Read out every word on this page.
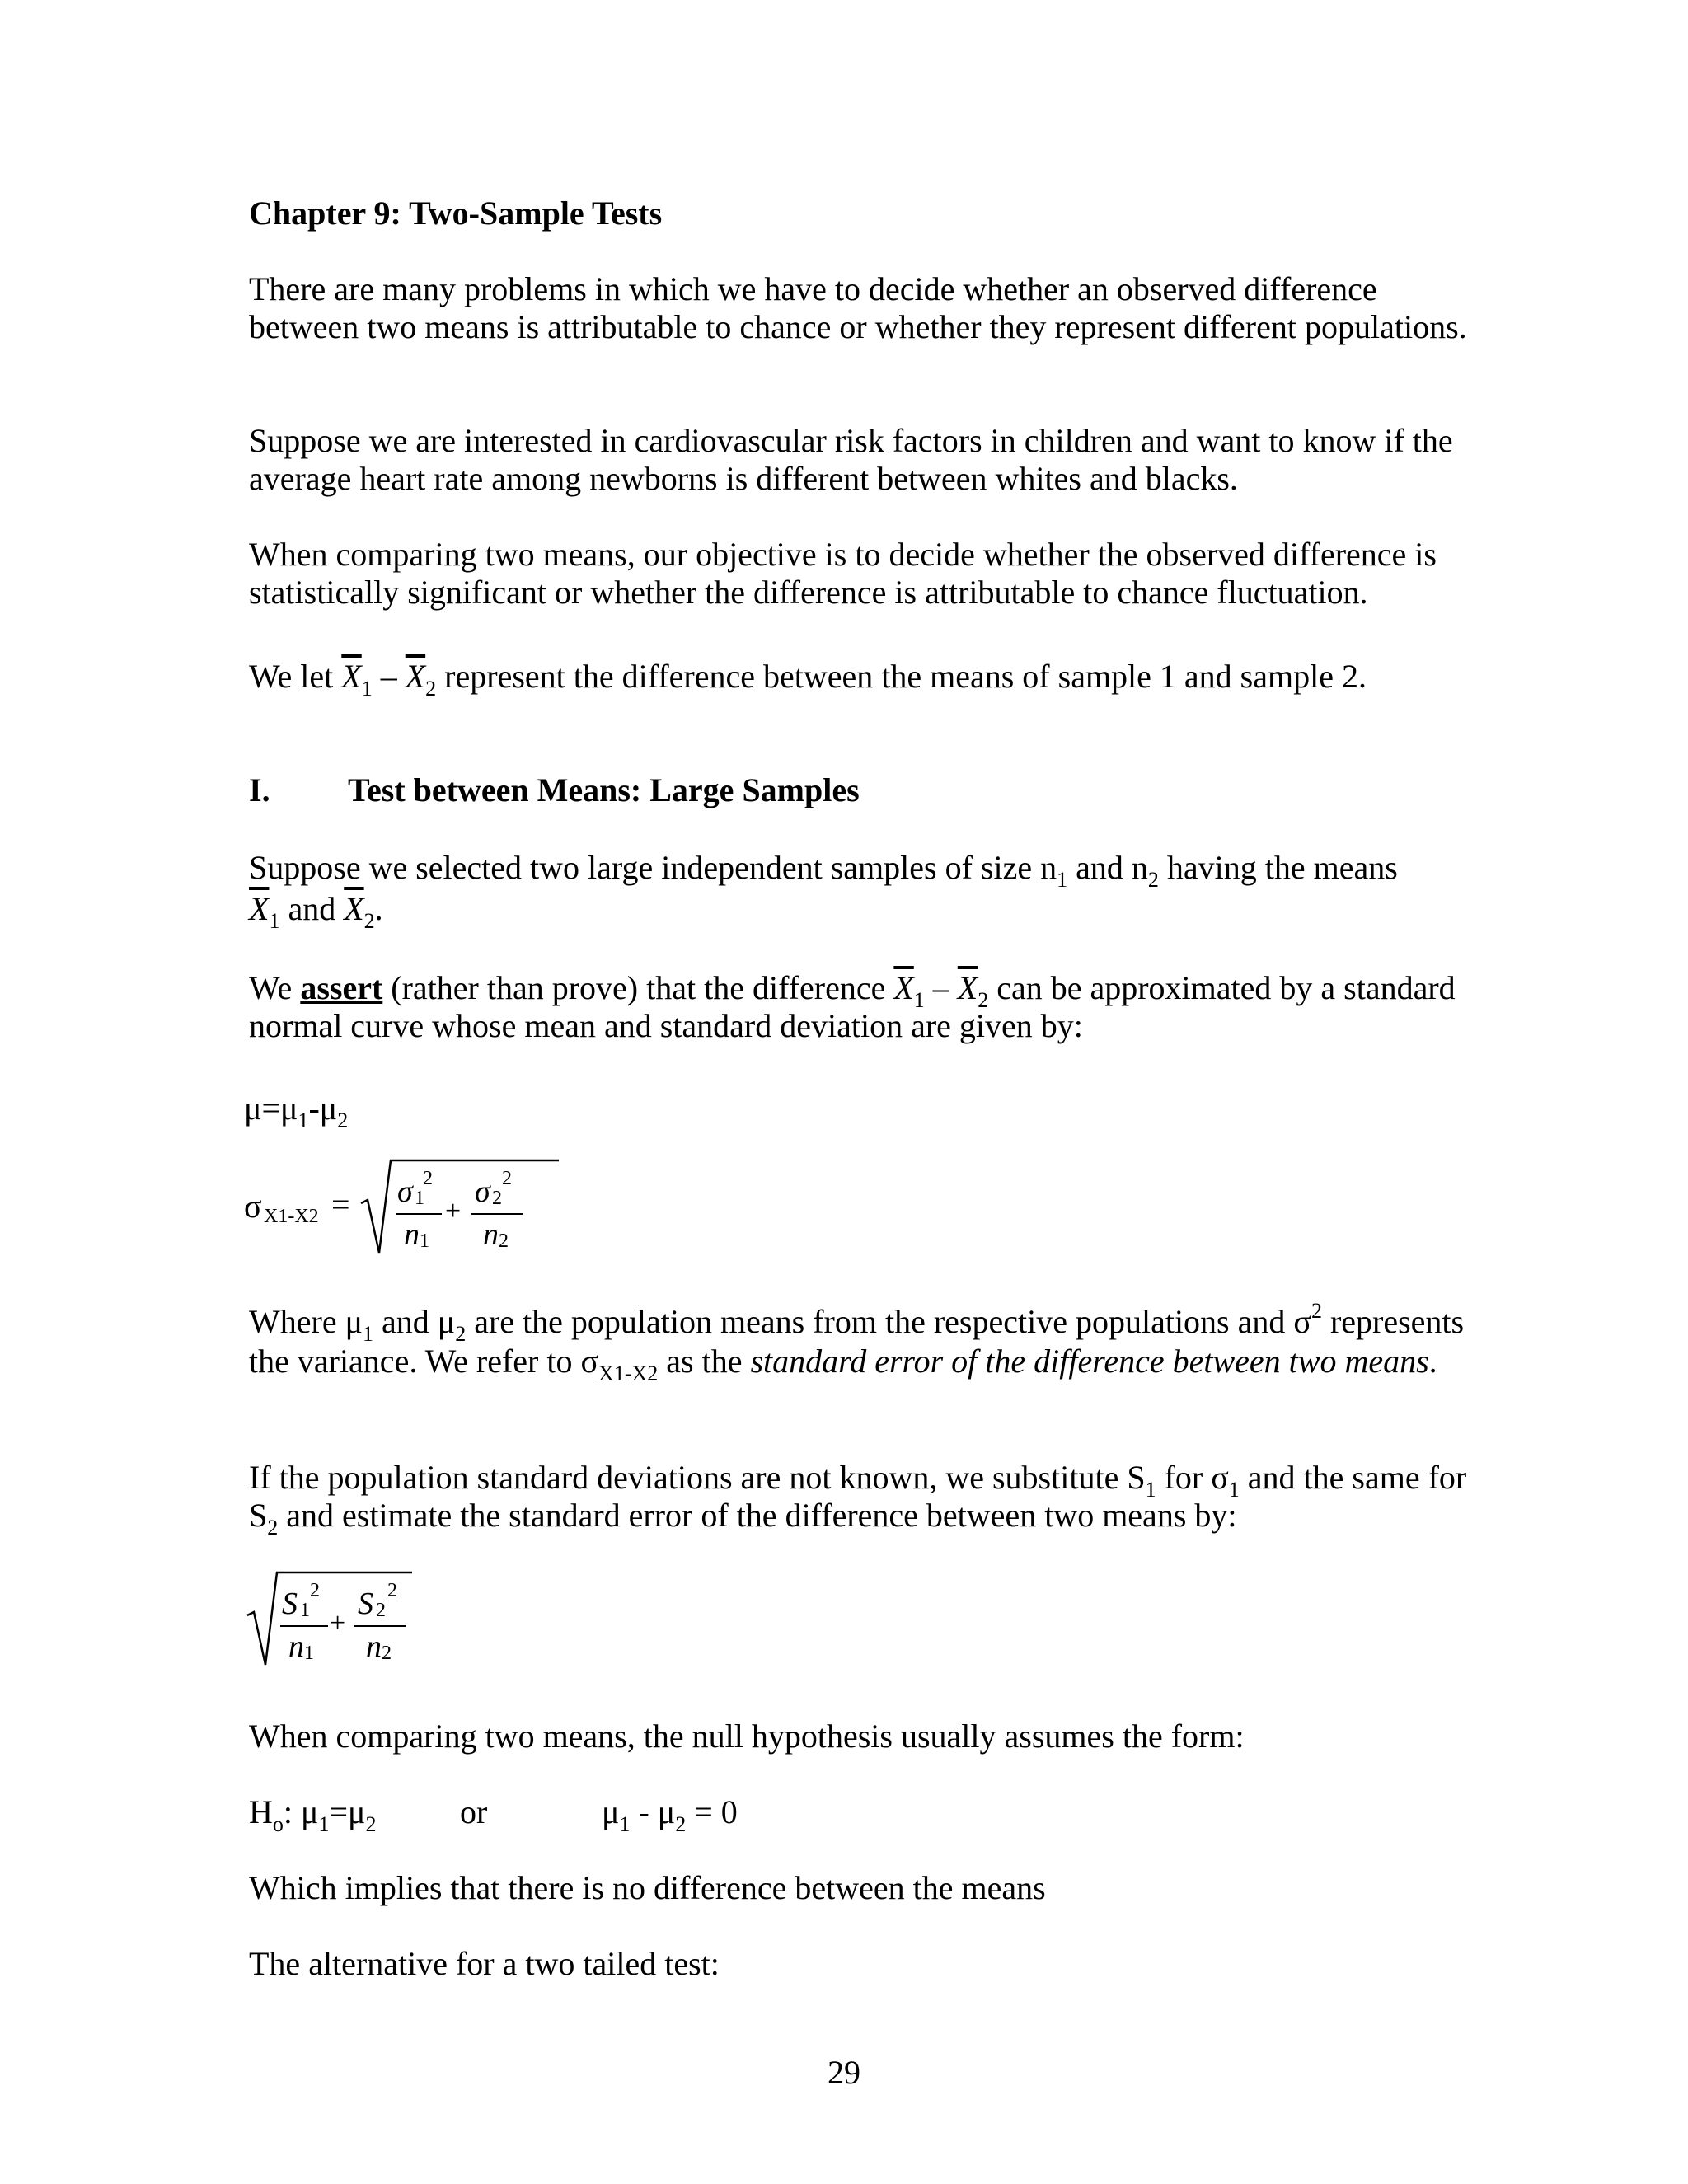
Chapter 9: Two-Sample Tests
There are many problems in which we have to decide whether an observed difference between two means is attributable to chance or whether they represent different populations.
Suppose we are interested in cardiovascular risk factors in children and want to know if the average heart rate among newborns is different between whites and blacks.
When comparing two means, our objective is to decide whether the observed difference is statistically significant or whether the difference is attributable to chance fluctuation.
We let $\overline{X}_1 - \overline{X}_2$ represent the difference between the means of sample 1 and sample 2.
I. Test between Means: Large Samples
Suppose we selected two large independent samples of size $n_1$ and $n_2$ having the means
$\overline{X}_1$ and $\overline{X}_2$.
We assert (rather than prove) that the difference $\overline{X}_1 - \overline{X}_2$ can be approximated by a standard normal curve whose mean and standard deviation are given by:
$\mu=\mu_1-\mu_2$
σ X1-X2 = σ 1
2
n 1
+
σ 2
2
n 2
Where $\mu_1$ and $\mu_2$ are the population means from the respective populations and $\sigma^2$ represents the variance. We refer to $\sigma_{X1-X2}$ as the standard error of the difference between two means.
If the population standard deviations are not known, we substitute $S_1$ for $\sigma_1$ and the same for $S_2$ and estimate the standard error of the difference between two means by:
S 1
2
n 1
+
S 2
2
n 2
When comparing two means, the null hypothesis usually assumes the form:
$H_o$: $\mu_1=\mu_2$	or	$\mu_1 - \mu_2 = 0$
Which implies that there is no difference between the means
The alternative for a two tailed test:
29
